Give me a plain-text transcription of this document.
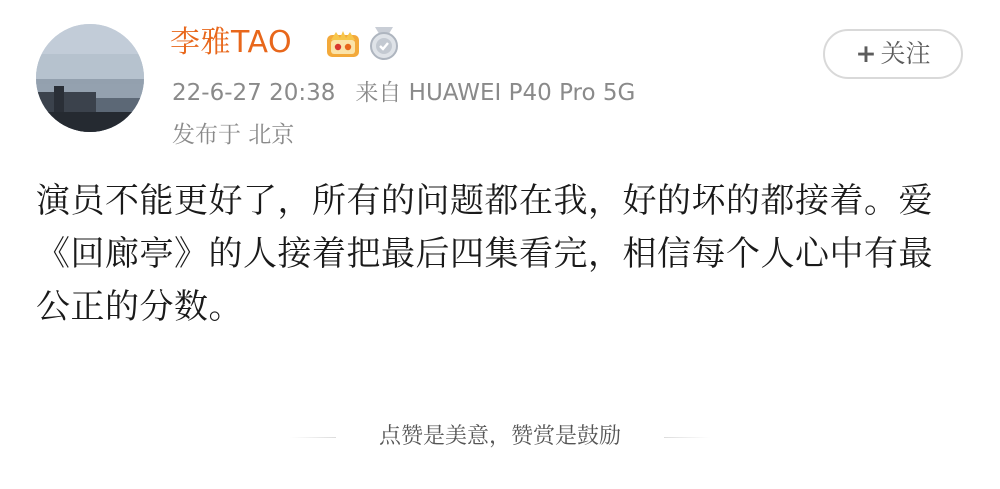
李雅TAO
22-6-27 20:38 来自 HUAWEI P40 Pro 5G
发布于 北京
+ 关注
演员不能更好了，所有的问题都在我，好的坏的都接着。爱《回廊亭》的人接着把最后四集看完，相信每个人心中有最公正的分数。
点赞是美意，赞赏是鼓励
